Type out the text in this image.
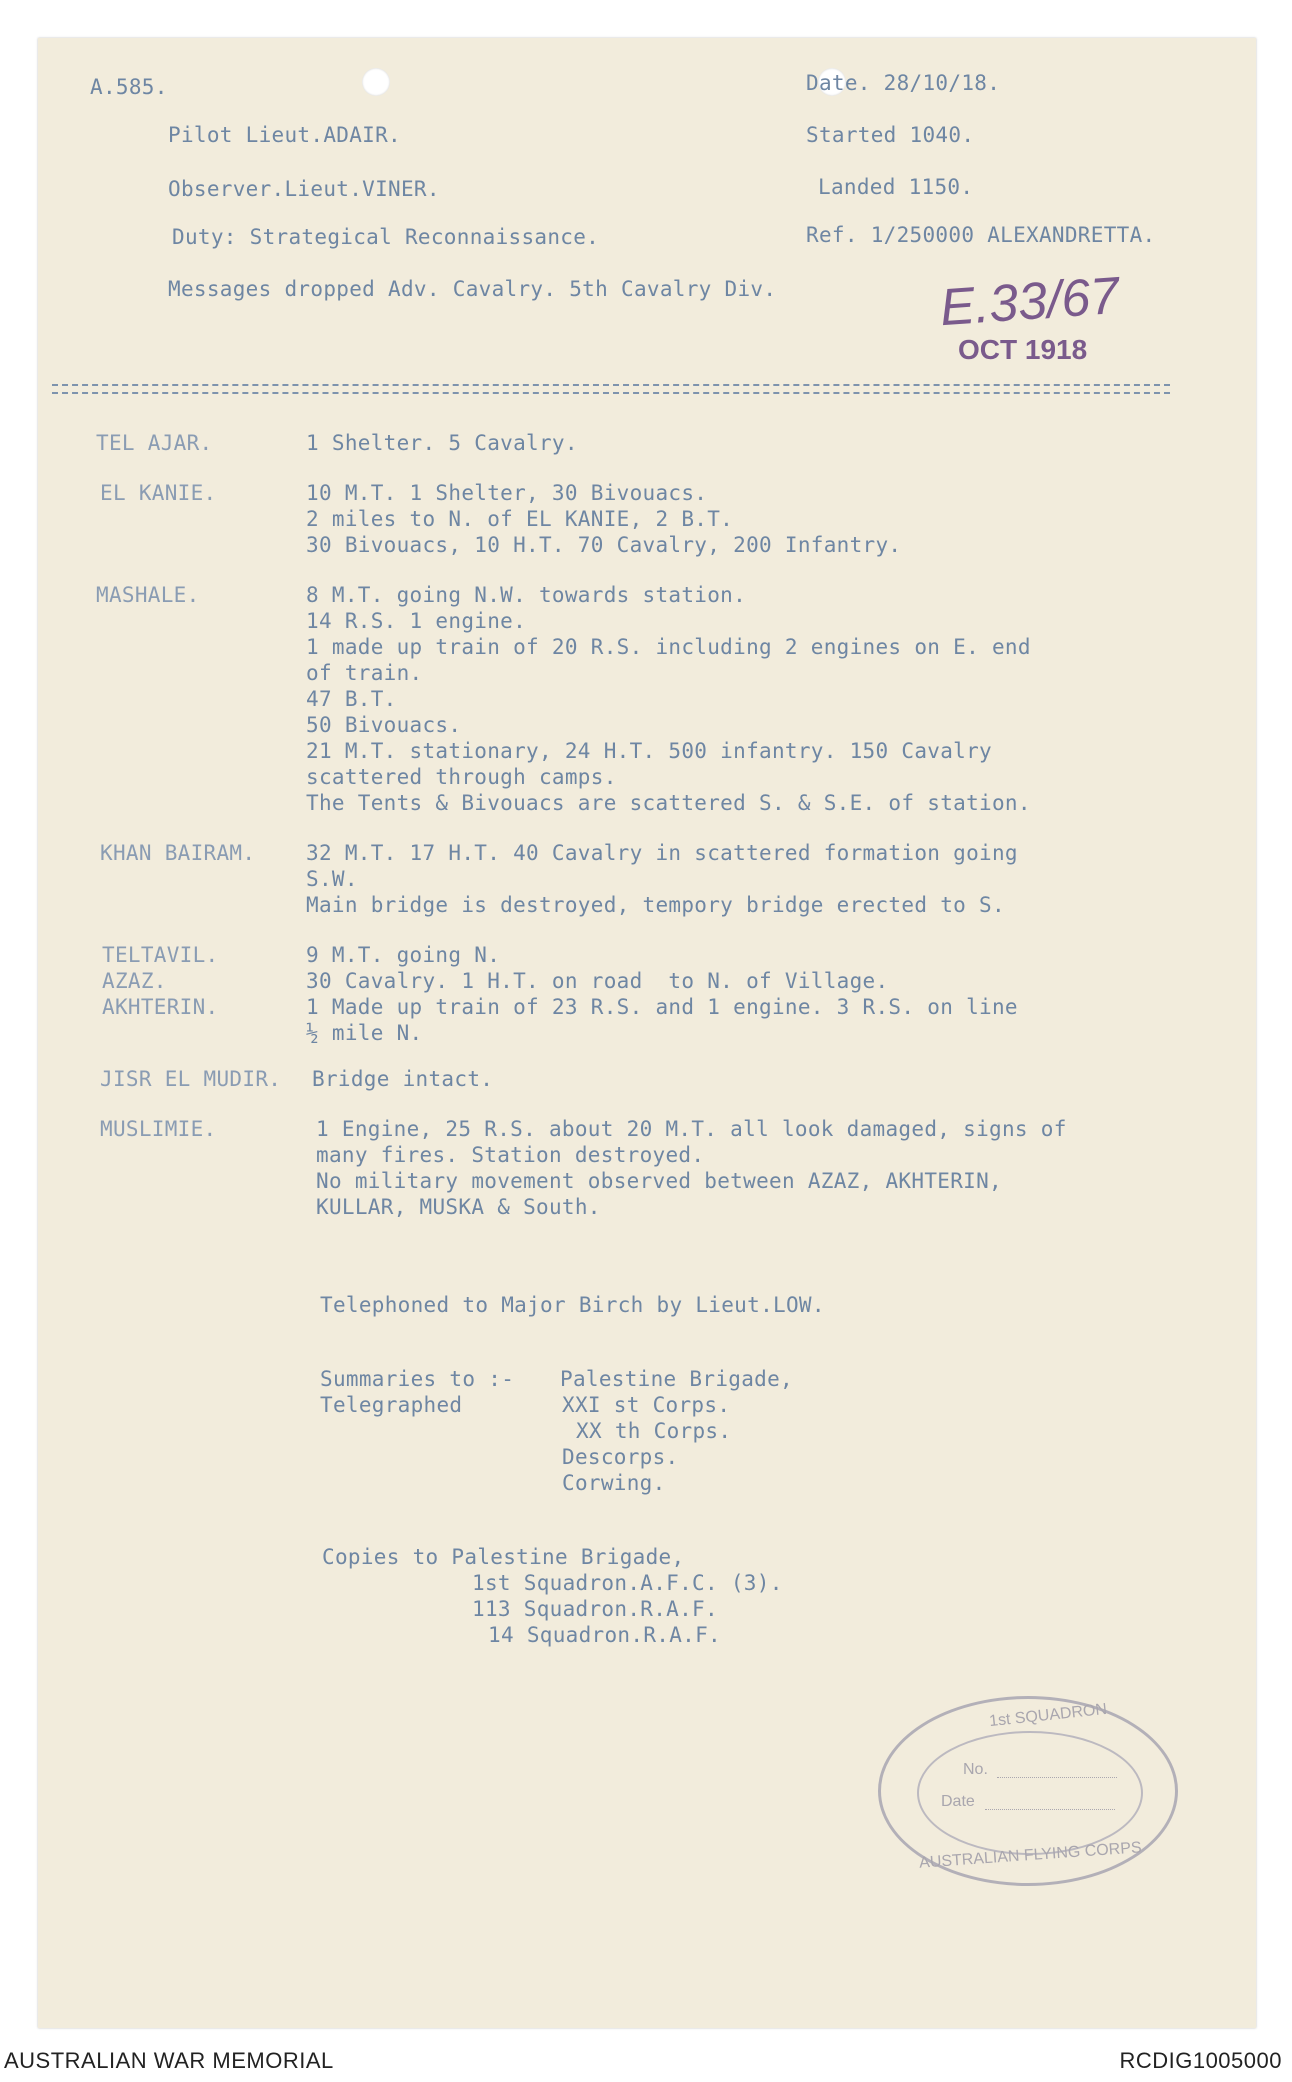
A.585.	Date. 28/10/18.
Pilot Lieut.ADAIR.	Started 1040.
Observer.Lieut.VINER.	Landed 1150.
Duty: Strategical Reconnaissance.	Ref. 1/250000 ALEXANDRETTA.
Messages dropped Adv. Cavalry. 5th Cavalry Div.	E.33/67
OCT 1918
TEL AJAR.	1 Shelter. 5 Cavalry.
EL KANIE.	10 M.T. 1 Shelter, 30 Bivouacs.
2 miles to N. of EL KANIE, 2 B.T.
30 Bivouacs, 10 H.T. 70 Cavalry, 200 Infantry.
MASHALE.	8 M.T. going N.W. towards station.
14 R.S. 1 engine.
1 made up train of 20 R.S. including 2 engines on E. end
of train.
47 B.T.
50 Bivouacs.
21 M.T. stationary, 24 H.T. 500 infantry. 150 Cavalry
scattered through camps.
The Tents & Bivouacs are scattered S. & S.E. of station.
KHAN BAIRAM. 32 M.T. 17 H.T. 40 Cavalry in scattered formation going
S.W.
Main bridge is destroyed, tempory bridge erected to S.
TELTAVIL.	9 M.T. going N.
AZAZ.	30 Cavalry. 1 H.T. on road  to N. of Village.
AKHTERIN.	1 Made up train of 23 R.S. and 1 engine. 3 R.S. on line
½ mile N.
JISR EL MUDIR. Bridge intact.
MUSLIMIE.	1 Engine, 25 R.S. about 20 M.T. all look damaged, signs of
many fires. Station destroyed.
No military movement observed between AZAZ, AKHTERIN,
KULLAR, MUSKA & South.
Telephoned to Major Birch by Lieut.LOW.
Summaries to :-
Telegraphed
Palestine Brigade,
XXI st Corps.
XX th Corps.
Descorps.
Corwing.
Copies to Palestine Brigade,
1st Squadron.A.F.C. (3).
113 Squadron.R.A.F.
14 Squadron.R.A.F.
1st SQUADRON
No.
Date
AUSTRALIAN FLYING CORPS
AUSTRALIAN WAR MEMORIAL	RCDIG1005000
